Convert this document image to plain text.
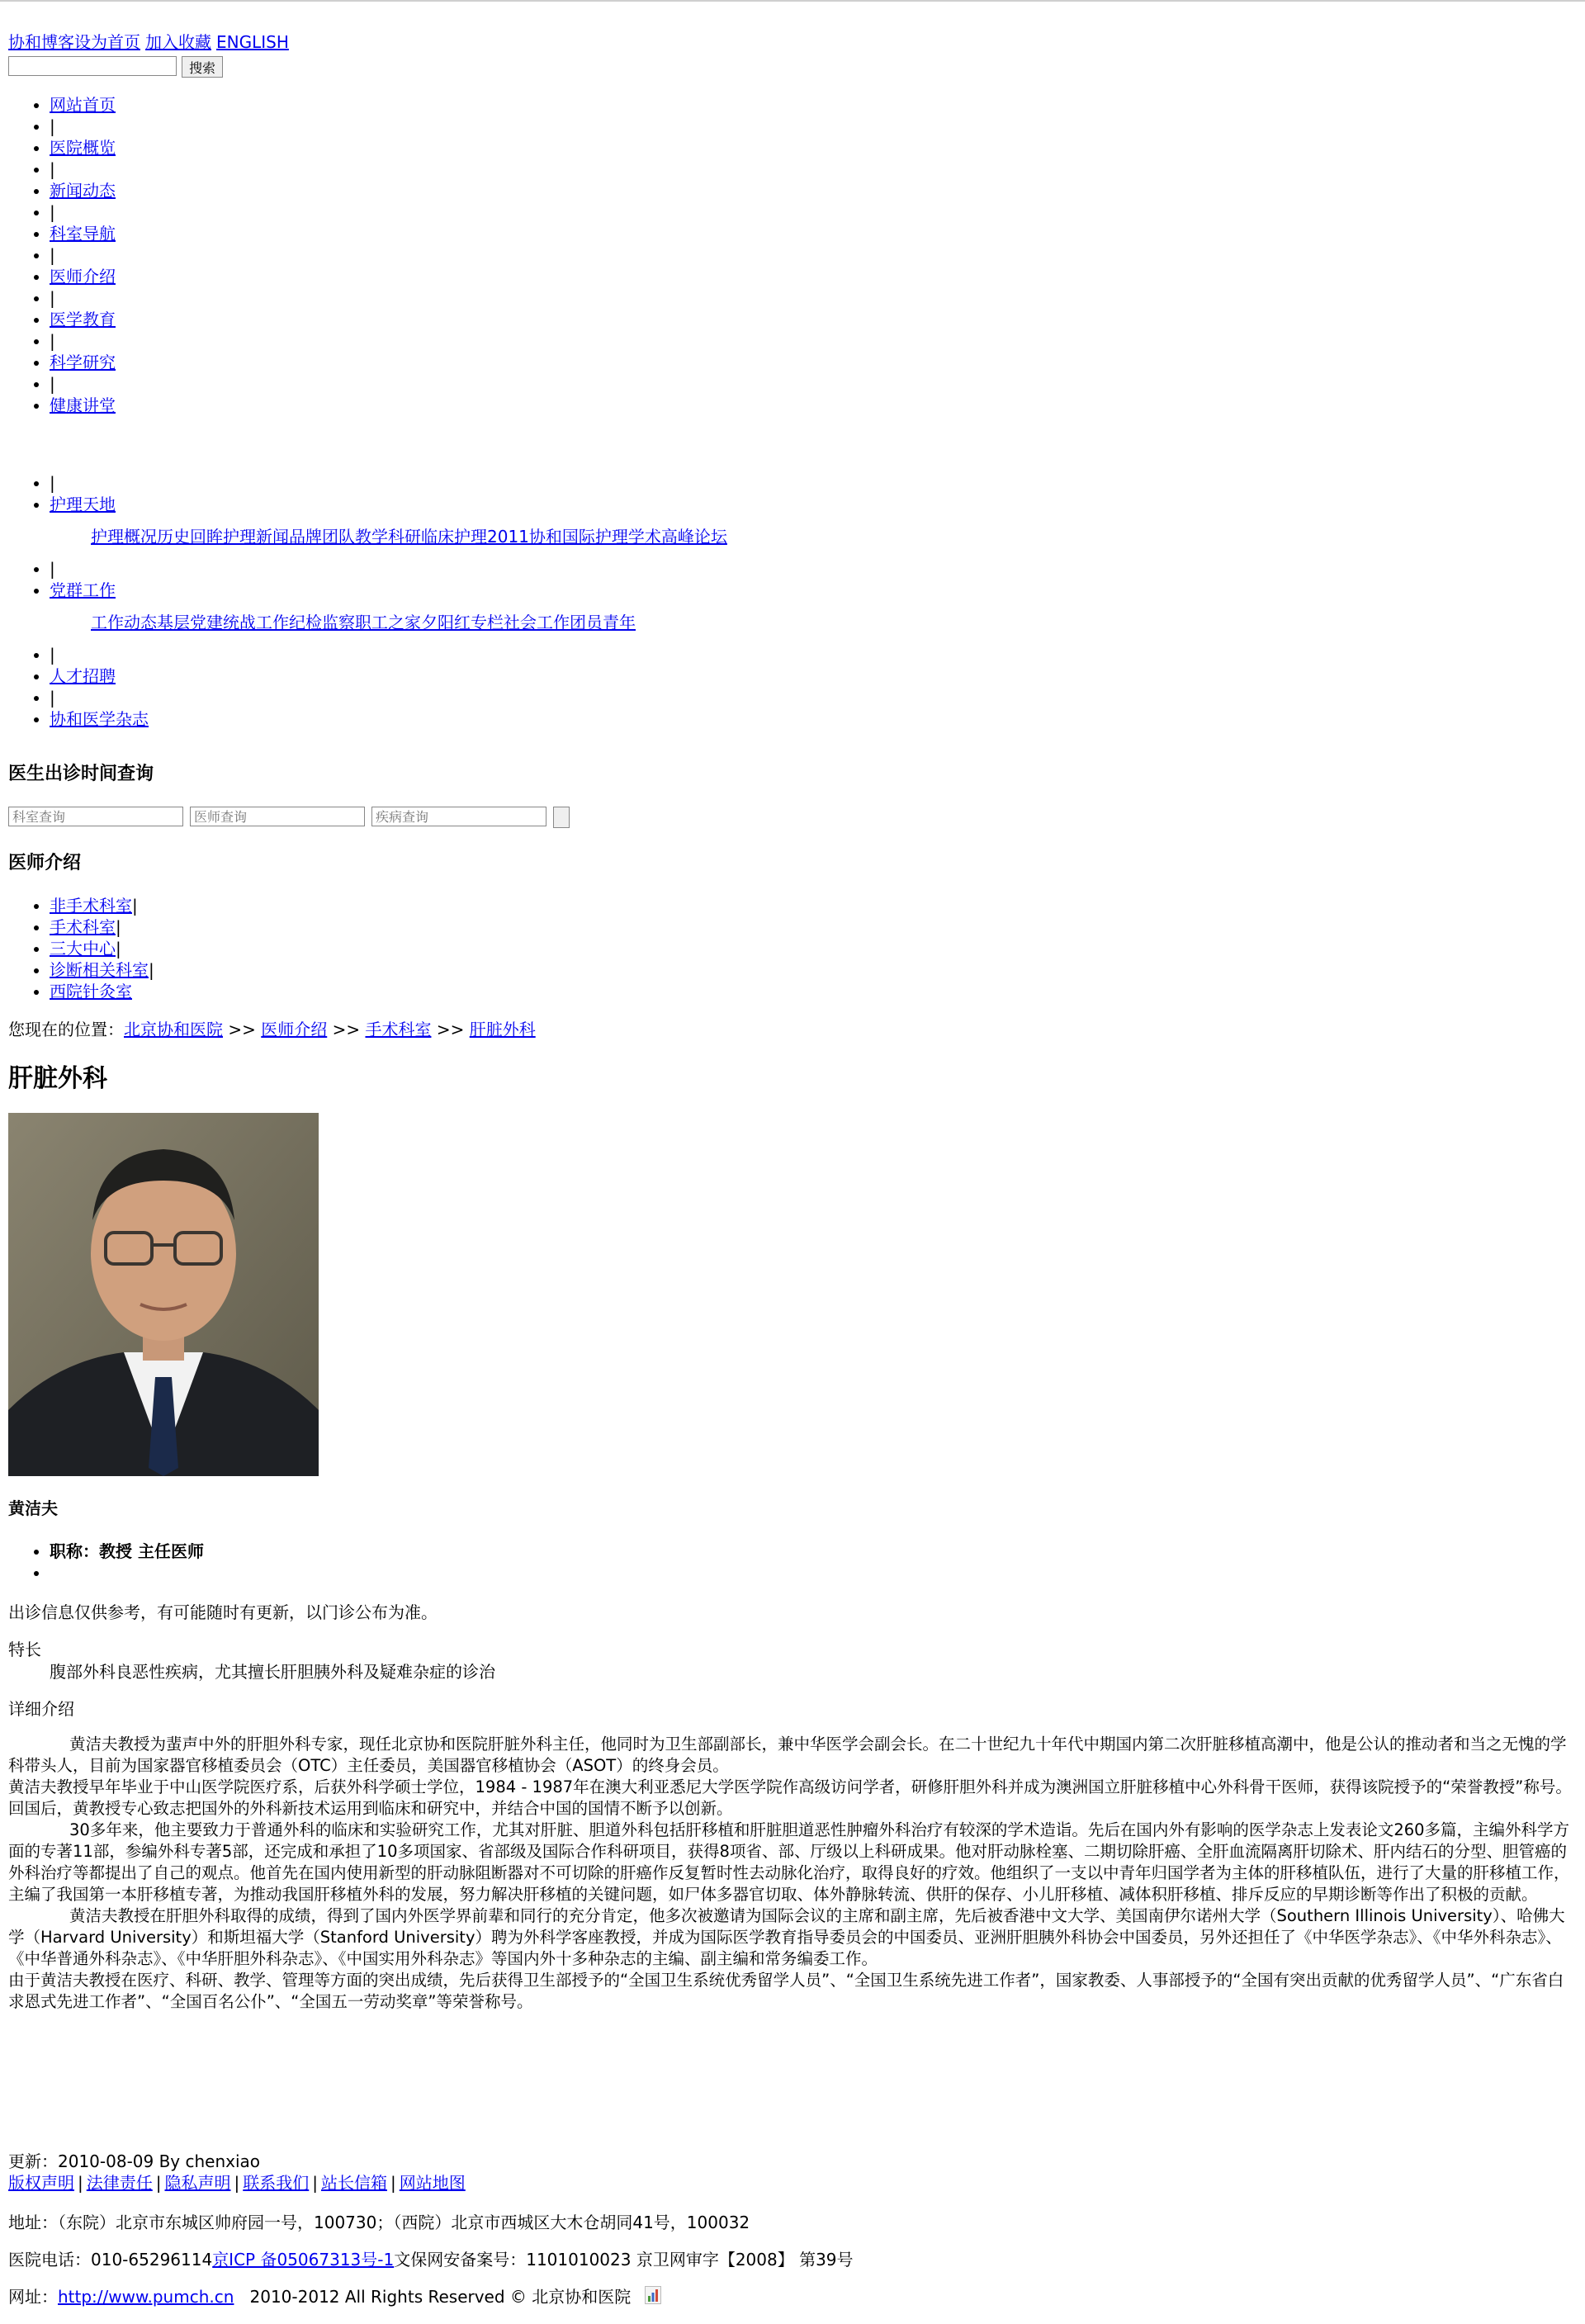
协和博客设为首页 加入收藏 ENGLISH
搜索
• 网站首页
• |
• 医院概览
• |
• 新闻动态
• |
• 科室导航
• |
• 医师介绍
• |
• 医学教育
• |
• 科学研究
• |
• 健康讲堂
• |
• 护理天地
护理概况历史回眸护理新闻品牌团队教学科研临床护理2011协和国际护理学术高峰论坛
• |
• 党群工作
工作动态基层党建统战工作纪检监察职工之家夕阳红专栏社会工作团员青年
• |
• 人才招聘
• |
• 协和医学杂志
医生出诊时间查询
科室查询
医师查询
疾病查询
医师介绍
• 非手术科室|
• 手术科室|
• 三大中心|
• 诊断相关科室|
• 西院针灸室
您现在的位置：北京协和医院 >> 医师介绍 >> 手术科室 >> 肝脏外科
肝脏外科
黄洁夫
• 职称：教授 主任医师
•
出诊信息仅供参考，有可能随时有更新，以门诊公布为准。
特长
腹部外科良恶性疾病，尤其擅长肝胆胰外科及疑难杂症的诊治
详细介绍

黄洁夫教授为蜚声中外的肝胆外科专家，现任北京协和医院肝脏外科主任，他同时为卫生部副部长，兼中华医学会副会长。在二十世纪九十年代中期国内第二次肝脏移植高潮中，他是公认的推动者和当之无愧的学科带头人，目前为国家器官移植委员会（OTC）主任委员，美国器官移植协会（ASOT）的终身会员。

黄洁夫教授早年毕业于中山医学院医疗系，后获外科学硕士学位，1984 - 1987年在澳大利亚悉尼大学医学院作高级访问学者，研修肝胆外科并成为澳洲国立肝脏移植中心外科骨干医师，获得该院授予的“荣誉教授”称号。回国后，黄教授专心致志把国外的外科新技术运用到临床和研究中，并结合中国的国情不断予以创新。

30多年来，他主要致力于普通外科的临床和实验研究工作，尤其对肝脏、胆道外科包括肝移植和肝脏胆道恶性肿瘤外科治疗有较深的学术造诣。先后在国内外有影响的医学杂志上发表论文260多篇，主编外科学方面的专著11部，参编外科专著5部，还完成和承担了10多项国家、省部级及国际合作科研项目，获得8项省、部、厅级以上科研成果。他对肝动脉栓塞、二期切除肝癌、全肝血流隔离肝切除术、肝内结石的分型、胆管癌的外科治疗等都提出了自己的观点。他首先在国内使用新型的肝动脉阻断器对不可切除的肝癌作反复暂时性去动脉化治疗，取得良好的疗效。他组织了一支以中青年归国学者为主体的肝移植队伍，进行了大量的肝移植工作，主编了我国第一本肝移植专著，为推动我国肝移植外科的发展，努力解决肝移植的关键问题，如尸体多器官切取、体外静脉转流、供肝的保存、小儿肝移植、减体积肝移植、排斥反应的早期诊断等作出了积极的贡献。

黄洁夫教授在肝胆外科取得的成绩，得到了国内外医学界前辈和同行的充分肯定，他多次被邀请为国际会议的主席和副主席，先后被香港中文大学、美国南伊尔诺州大学（Southern Illinois University）、哈佛大学（Harvard University）和斯坦福大学（Stanford University）聘为外科学客座教授，并成为国际医学教育指导委员会的中国委员、亚洲肝胆胰外科协会中国委员，另外还担任了《中华医学杂志》、《中华外科杂志》、《中华普通外科杂志》、《中华肝胆外科杂志》、《中国实用外科杂志》等国内外十多种杂志的主编、副主编和常务编委工作。

由于黄洁夫教授在医疗、科研、教学、管理等方面的突出成绩，先后获得卫生部授予的“全国卫生系统优秀留学人员”、“全国卫生系统先进工作者”，国家教委、人事部授予的“全国有突出贡献的优秀留学人员”、“广东省白求恩式先进工作者”、“全国百名公仆”、“全国五一劳动奖章”等荣誉称号。

更新：2010-08-09 By chenxiao
版权声明 | 法律责任 | 隐私声明 | 联系我们 | 站长信箱 | 网站地图
地址：（东院）北京市东城区帅府园一号，100730；（西院）北京市西城区大木仓胡同41号，100032
医院电话：010-65296114京ICP 备05067313号-1文保网安备案号：1101010023 京卫网审字【2008】 第39号
网址：http://www.pumch.cn 2010-2012 All Rights Reserved © 北京协和医院
